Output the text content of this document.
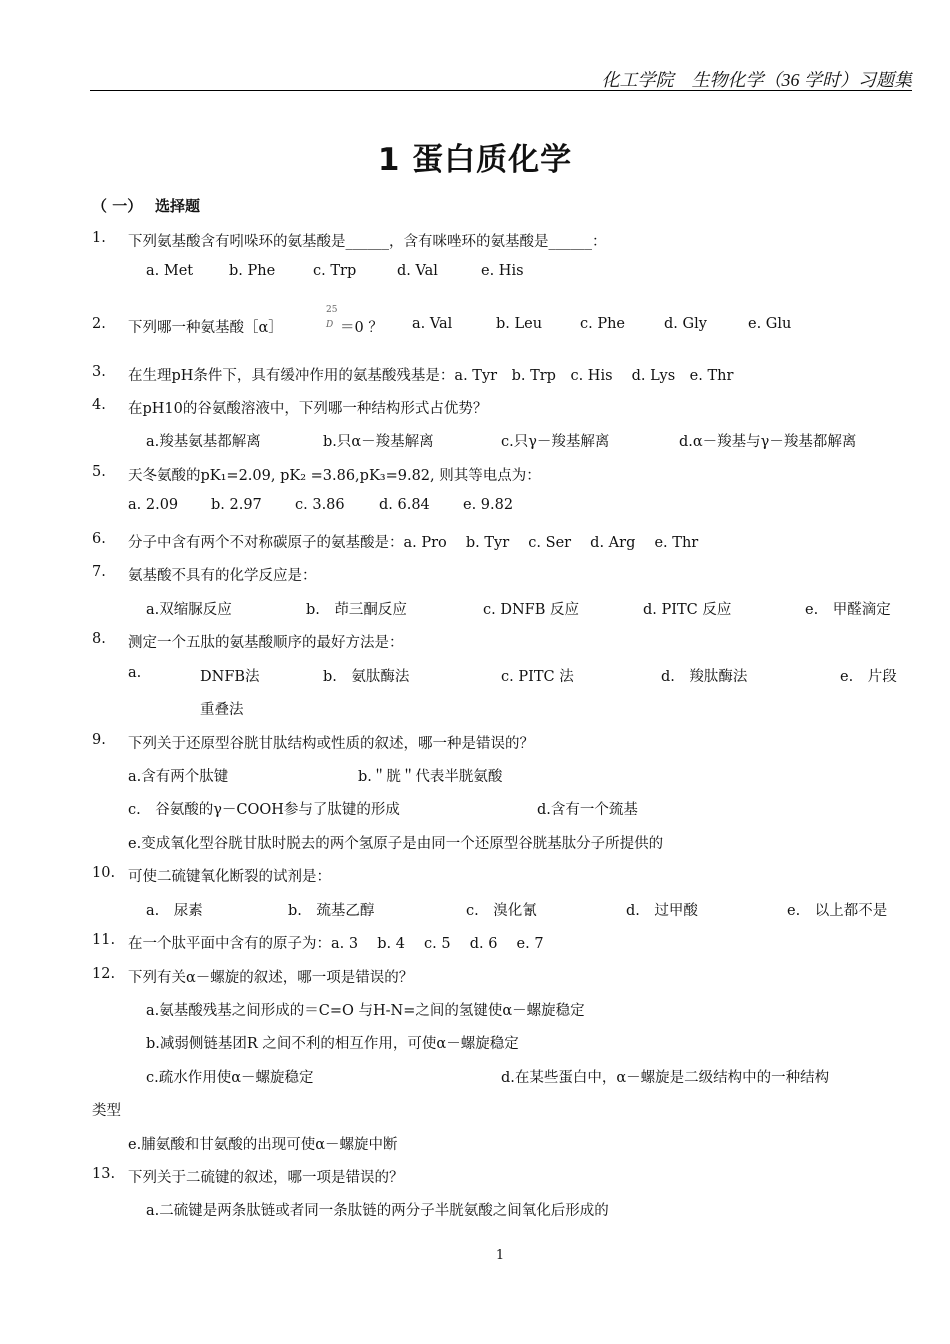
化工学院　生物化学（36 学时）习题集
1 蛋白质化学
（ 一）　 选择题
1. 下列氨基酸含有吲哚环的氨基酸是______，含有咪唑环的氨基酸是______：
a. Met b. Phe	c. Trp	d. Val	e. His
2. 下列哪一种氨基酸［α］
25
D ＝0 ？ a. Val	b. Leu	c. Phe	d. Gly	e. Glu
3. 在生理pH条件下，具有缓冲作用的氨基酸残基是：a. Tyr　b. Trp　c. His　 d. Lys　e. Thr
4. 在pH10的谷氨酸溶液中，下列哪一种结构形式占优势？
a.羧基氨基都解离	b.只α－羧基解离	c.只γ－羧基解离	d.α－羧基与γ－羧基都解离
5. 天冬氨酸的pK₁=2.09, pK₂ =3.86,pK₃=9.82, 则其等电点为：
a. 2.09 b. 2.97 c. 3.86 d. 6.84 e. 9.82
6. 分子中含有两个不对称碳原子的氨基酸是：a. Pro　 b. Tyr　 c. Ser　 d. Arg　 e. Thr
7. 氨基酸不具有的化学反应是：
a.双缩脲反应	b.　茚三酮反应	c. DNFB 反应	d. PITC 反应	e.　甲醛滴定
8. 测定一个五肽的氨基酸顺序的最好方法是：
a.	DNFB法	b.　氨肽酶法	c. PITC 法	d.　羧肽酶法	e.　片段
重叠法
9. 下列关于还原型谷胱甘肽结构或性质的叙述，哪一种是错误的？
a.含有两个肽键	b.＂胱＂代表半胱氨酸
c.　谷氨酸的γ－COOH参与了肽键的形成	d.含有一个巯基
e.变成氧化型谷胱甘肽时脱去的两个氢原子是由同一个还原型谷胱基肽分子所提供的
10. 可使二硫键氧化断裂的试剂是：
a.　尿素	b.　巯基乙醇	c.　溴化氰	d.　过甲酸	e.　以上都不是
11. 在一个肽平面中含有的原子为：a. 3　 b. 4　 c. 5　 d. 6　 e. 7
12. 下列有关α－螺旋的叙述，哪一项是错误的？
a.氨基酸残基之间形成的＝C=O 与H-N=之间的氢键使α－螺旋稳定
b.减弱侧链基团R 之间不利的相互作用，可使α－螺旋稳定
c.疏水作用使α－螺旋稳定	d.在某些蛋白中，α－螺旋是二级结构中的一种结构
类型
e.脯氨酸和甘氨酸的出现可使α－螺旋中断
13. 下列关于二硫键的叙述，哪一项是错误的？
a.二硫键是两条肽链或者同一条肽链的两分子半胱氨酸之间氧化后形成的
1
